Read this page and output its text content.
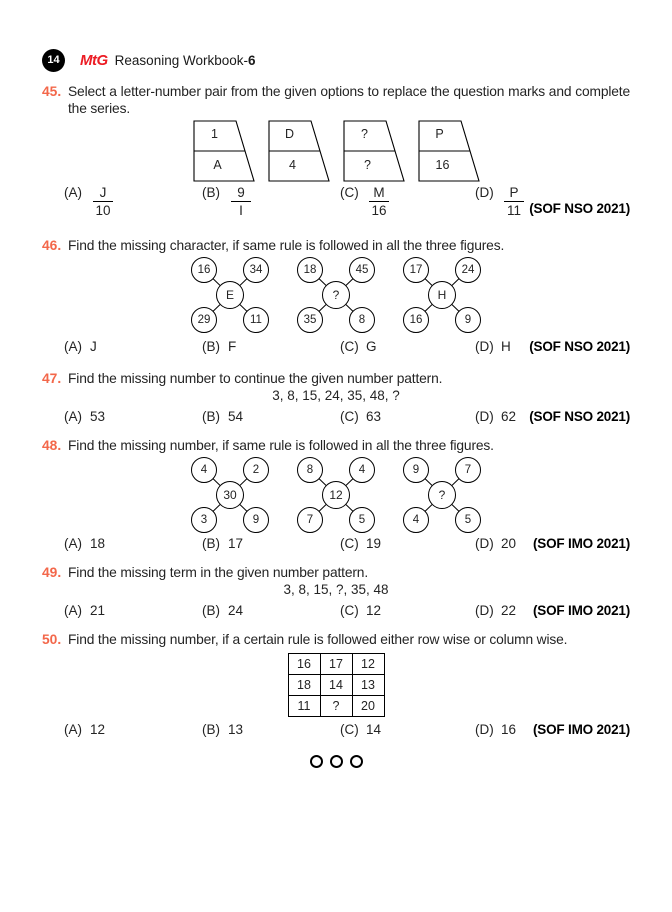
14	MtG Reasoning Workbook- 6
45. Select a letter-number pair from the given options to replace the question marks and complete the series.
1
A
D
4
?
?
P
16
$(A) \frac{J}{10}$	$(B) \frac{9}{I}$	$(C) \frac{M}{16}$	$(D) \frac{P}{11} (SOF$ NSO 2021)
46. Find the missing character, if same rule is followed in all the three figures.
16	34
E
29	11
18	45
?
35	8
17	24
H
16	9
(A) J	(B) F	(C) G	(D) H (SOF NSO 2021)
47. Find the missing number to continue the given number pattern.
3, 8, 15, 24, 35, 48, ?
(A) 53	(B) 54	(C) 63	(D) 62 (SOF NSO 2021)
48. Find the missing number, if same rule is followed in all the three figures.
4	2
30
3	9
8	4
12
7	5
9	7
?
4	5
(A) 18	(B) 17	(C) 19	(D) 20 (SOF IMO 2021)
49. Find the missing term in the given number pattern.
3, 8, 15, ?, 35, 48
(A) 21	(B) 24	(C) 12	(D) 22 (SOF IMO 2021)
50. Find the missing number, if a certain rule is followed either row wise or column wise.
16	17	12
18	14	13
11	?	20
(A) 12	(B) 13	(C) 14	(D) 16 (SOF IMO 2021)
